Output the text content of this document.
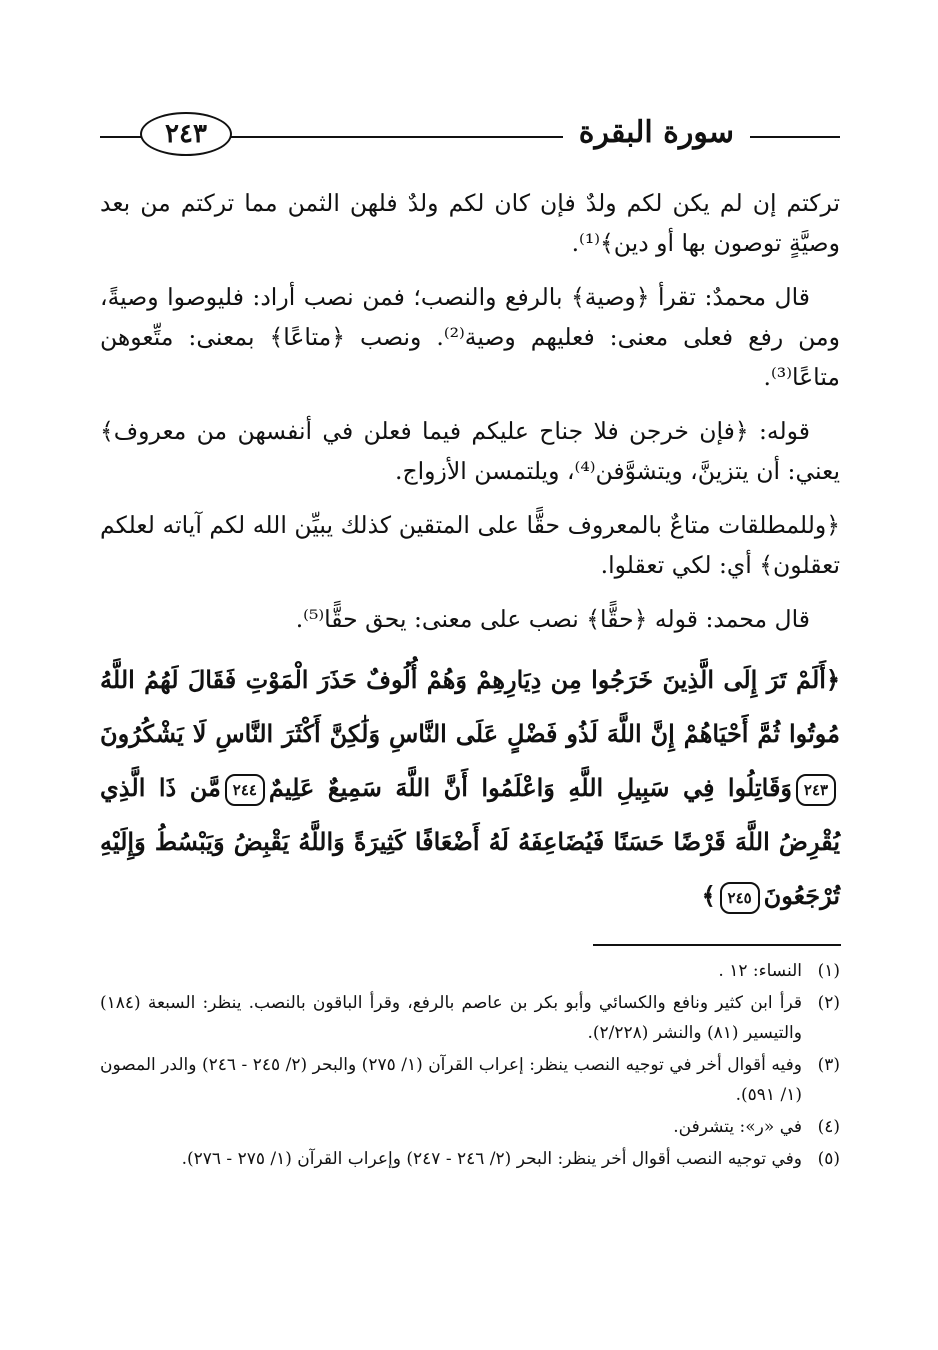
سورة البقرة
٢٤٣

تركتم إن لم يكن لكم ولدٌ فإن كان لكم ولدٌ فلهن الثمن مما تركتم من بعد وصيَّةٍ توصون بها أو دين﴾⁽¹⁾.

قال محمدٌ: تقرأ ﴿وصية﴾ بالرفع والنصب؛ فمن نصب أراد: فليوصوا وصيةً، ومن رفع فعلى معنى: فعليهم وصية⁽²⁾. ونصب ﴿متاعًا﴾ بمعنى: متِّعوهن متاعًا⁽³⁾.

قوله: ﴿فإن خرجن فلا جناح عليكم فيما فعلن في أنفسهن من معروف﴾ يعني: أن يتزينَّ، ويتشوَّفن⁽⁴⁾، ويلتمسن الأزواج.

﴿وللمطلقات متاعٌ بالمعروف حقًّا على المتقين كذلك يبيِّن الله لكم آياته لعلكم تعقلون﴾ أي: لكي تعقلوا.

قال محمد: قوله ﴿حقًّا﴾ نصب على معنى: يحق حقًّا⁽⁵⁾.

﴿أَلَمْ تَرَ إِلَى الَّذِينَ خَرَجُوا مِن دِيَارِهِمْ وَهُمْ أُلُوفٌ حَذَرَ الْمَوْتِ فَقَالَ لَهُمُ اللَّهُ مُوتُوا ثُمَّ أَحْيَاهُمْ إِنَّ اللَّهَ لَذُو فَضْلٍ عَلَى النَّاسِ وَلَٰكِنَّ أَكْثَرَ النَّاسِ لَا يَشْكُرُونَ٢٤٣وَقَاتِلُوا فِي سَبِيلِ اللَّهِ وَاعْلَمُوا أَنَّ اللَّهَ سَمِيعٌ عَلِيمٌ٢٤٤مَّن ذَا الَّذِي يُقْرِضُ اللَّهَ قَرْضًا حَسَنًا فَيُضَاعِفَهُ لَهُ أَضْعَافًا كَثِيرَةً وَاللَّهُ يَقْبِضُ وَيَبْسُطُ وَإِلَيْهِ تُرْجَعُونَ٢٤٥﴾

(١)
النساء: ١٢ .
(٢)
قرأ ابن كثير ونافع والكسائي وأبو بكر بن عاصم بالرفع، وقرأ الباقون بالنصب. ينظر: السبعة (١٨٤) والتيسير (٨١) والنشر (٢/٢٢٨).
(٣)
وفيه أقوال أخر في توجيه النصب ينظر: إعراب القرآن (١/ ٢٧٥) والبحر (٢/ ٢٤٥ - ٢٤٦) والدر المصون (١/ ٥٩١).
(٤)
في «ر»: يتشرفن.
(٥)
وفي توجيه النصب أقوال أخر ينظر: البحر (٢/ ٢٤٦ - ٢٤٧) وإعراب القرآن (١/ ٢٧٥ - ٢٧٦).
